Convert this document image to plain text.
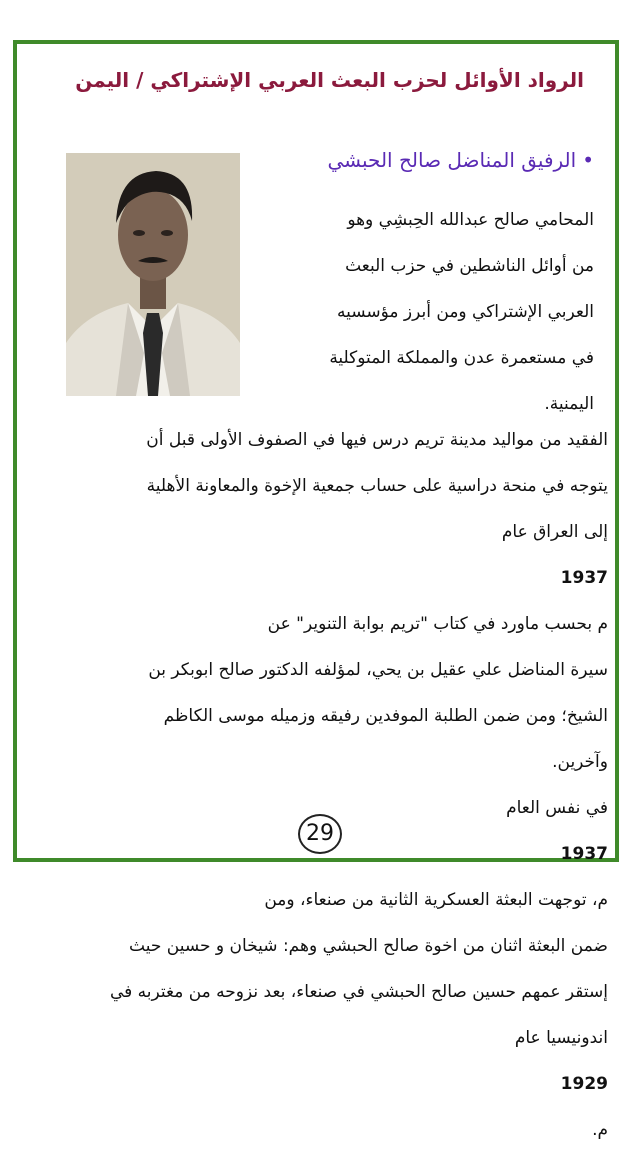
الرواد الأوائل لحزب البعث العربي الإشتراكي / اليمن
•الرفيق المناضل صالح الحبشي

المحامي صالح عبدالله الحِبشِي وهو
من أوائل الناشطين في حزب البعث
العربي الإشتراكي ومن أبرز مؤسسيه
في مستعمرة عدن والمملكة المتوكلية
اليمنية.

الفقيد من مواليد مدينة تريم درس فيها في الصفوف الأولى قبل أن
يتوجه في منحة دراسية على حساب جمعية الإخوة والمعاونة الأهلية
إلى العراق عام
1937
م بحسب ماورد في كتاب "تريم بوابة التنوير" عن
سيرة المناضل علي عقيل بن يحي، لمؤلفه الدكتور صالح ابوبكر بن
الشيخ؛ ومن ضمن الطلبة الموفدين رفيقه وزميله موسى الكاظم
وآخرين.
في نفس العام
1937
م، توجهت البعثة العسكرية الثانية من صنعاء، ومن
ضمن البعثة اثنان من اخوة صالح الحبشي وهم: شيخان و حسين حيث
إستقر عمهم حسين صالح الحبشي في صنعاء، بعد نزوحه من مغتربه في
اندونيسيا عام
1929
م.

29
